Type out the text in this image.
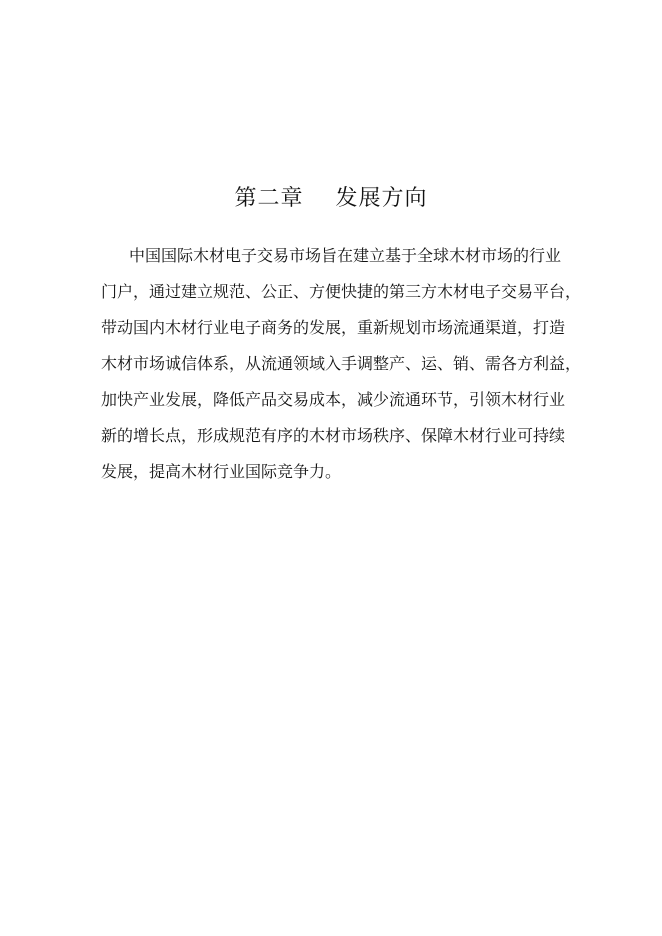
第二章    发展方向
中国国际木材电子交易市场旨在建立基于全球木材市场的行业
门户，通过建立规范、公正、方便快捷的第三方木材电子交易平台，
带动国内木材行业电子商务的发展，重新规划市场流通渠道，打造
木材市场诚信体系，从流通领域入手调整产、运、销、需各方利益，
加快产业发展，降低产品交易成本，减少流通环节，引领木材行业
新的增长点，形成规范有序的木材市场秩序、保障木材行业可持续
发展，提高木材行业国际竞争力。
